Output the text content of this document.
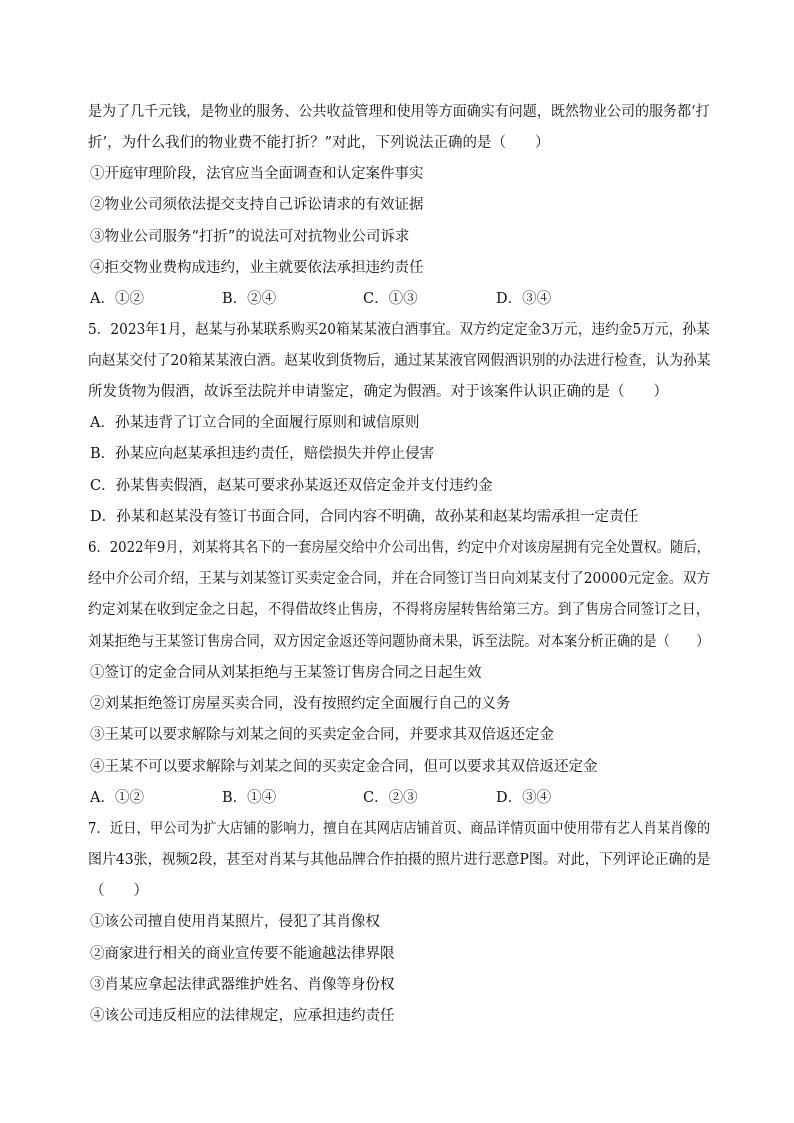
是为了几千元钱，是物业的服务、公共收益管理和使用等方面确实有问题，既然物业公司的服务都‘打
折’，为什么我们的物业费不能打折？”对此，下列说法正确的是（　　）
①开庭审理阶段，法官应当全面调查和认定案件事实
②物业公司须依法提交支持自己诉讼请求的有效证据
③物业公司服务“打折”的说法可对抗物业公司诉求
④拒交物业费构成违约，业主就要依法承担违约责任
A．①②	B．②④	C．①③	D．③④
5．2023年1月，赵某与孙某联系购买20箱某某液白酒事宜。双方约定定金3万元，违约金5万元，孙某
向赵某交付了20箱某某液白酒。赵某收到货物后，通过某某液官网假酒识别的办法进行检查，认为孙某
所发货物为假酒，故诉至法院并申请鉴定，确定为假酒。对于该案件认识正确的是（　　）
A．孙某违背了订立合同的全面履行原则和诚信原则
B．孙某应向赵某承担违约责任，赔偿损失并停止侵害
C．孙某售卖假酒，赵某可要求孙某返还双倍定金并支付违约金
D．孙某和赵某没有签订书面合同，合同内容不明确，故孙某和赵某均需承担一定责任
6．2022年9月，刘某将其名下的一套房屋交给中介公司出售，约定中介对该房屋拥有完全处置权。随后，
经中介公司介绍，王某与刘某签订买卖定金合同，并在合同签订当日向刘某支付了20000元定金。双方
约定刘某在收到定金之日起，不得借故终止售房，不得将房屋转售给第三方。到了售房合同签订之日，
刘某拒绝与王某签订售房合同，双方因定金返还等问题协商未果，诉至法院。对本案分析正确的是（　　）
①签订的定金合同从刘某拒绝与王某签订售房合同之日起生效
②刘某拒绝签订房屋买卖合同，没有按照约定全面履行自己的义务
③王某可以要求解除与刘某之间的买卖定金合同，并要求其双倍返还定金
④王某不可以要求解除与刘某之间的买卖定金合同，但可以要求其双倍返还定金
A．①②	B．①④	C．②③	D．③④
7．近日，甲公司为扩大店铺的影响力，擅自在其网店店铺首页、商品详情页面中使用带有艺人肖某肖像的
图片43张，视频2段，甚至对肖某与其他品牌合作拍摄的照片进行恶意P图。对此，下列评论正确的是
（　　）
①该公司擅自使用肖某照片，侵犯了其肖像权
②商家进行相关的商业宣传要不能逾越法律界限
③肖某应拿起法律武器维护姓名、肖像等身份权
④该公司违反相应的法律规定，应承担违约责任
